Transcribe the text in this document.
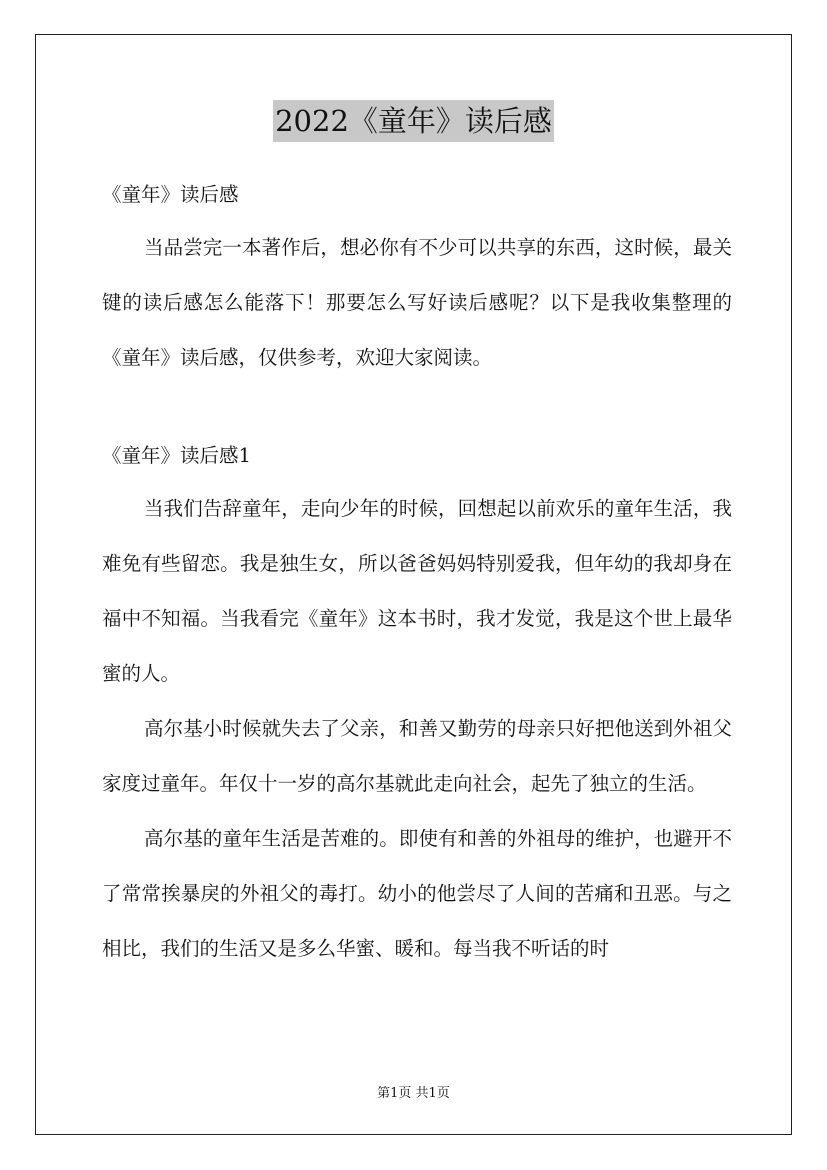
2022《童年》读后感

《童年》读后感

当品尝完一本著作后，想必你有不少可以共享的东西，这时候，最关键的读后感怎么能落下！那要怎么写好读后感呢？以下是我收集整理的《童年》读后感，仅供参考，欢迎大家阅读。

《童年》读后感1

当我们告辞童年，走向少年的时候，回想起以前欢乐的童年生活，我难免有些留恋。我是独生女，所以爸爸妈妈特别爱我，但年幼的我却身在福中不知福。当我看完《童年》这本书时，我才发觉，我是这个世上最华蜜的人。

高尔基小时候就失去了父亲，和善又勤劳的母亲只好把他送到外祖父家度过童年。年仅十一岁的高尔基就此走向社会，起先了独立的生活。

高尔基的童年生活是苦难的。即使有和善的外祖母的维护，也避开不了常常挨暴戾的外祖父的毒打。幼小的他尝尽了人间的苦痛和丑恶。与之相比，我们的生活又是多么华蜜、暖和。每当我不听话的时

第1页 共1页
